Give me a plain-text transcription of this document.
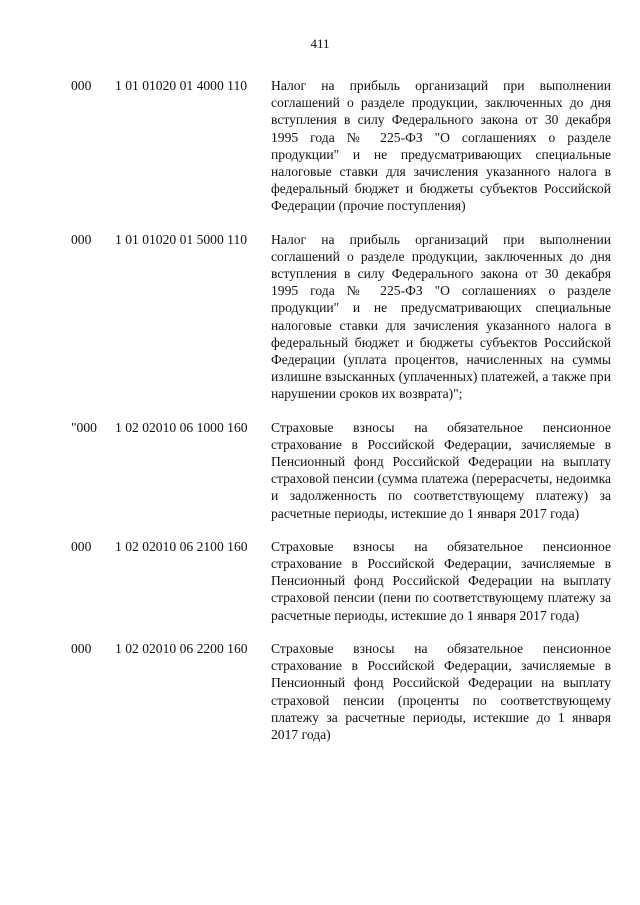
411
000	1 01 01020 01 4000 110	Налог на прибыль организаций при выполнении соглашений о разделе продукции, заключенных до дня вступления в силу Федерального закона от 30 декабря 1995 года № 225-ФЗ "О соглашениях о разделе продукции" и не предусматривающих специальные налоговые ставки для зачисления указанного налога в федеральный бюджет и бюджеты субъектов Российской Федерации (прочие поступления)
000	1 01 01020 01 5000 110	Налог на прибыль организаций при выполнении соглашений о разделе продукции, заключенных до дня вступления в силу Федерального закона от 30 декабря 1995 года № 225-ФЗ "О соглашениях о разделе продукции" и не предусматривающих специальные налоговые ставки для зачисления указанного налога в федеральный бюджет и бюджеты субъектов Российской Федерации (уплата процентов, начисленных на суммы излишне взысканных (уплаченных) платежей, а также при нарушении сроков их возврата)";
"000	1 02 02010 06 1000 160	Страховые взносы на обязательное пенсионное страхование в Российской Федерации, зачисляемые в Пенсионный фонд Российской Федерации на выплату страховой пенсии (сумма платежа (перерасчеты, недоимка и задолженность по соответствующему платежу) за расчетные периоды, истекшие до 1 января 2017 года)
000	1 02 02010 06 2100 160	Страховые взносы на обязательное пенсионное страхование в Российской Федерации, зачисляемые в Пенсионный фонд Российской Федерации на выплату страховой пенсии (пени по соответствующему платежу за расчетные периоды, истекшие до 1 января 2017 года)
000	1 02 02010 06 2200 160	Страховые взносы на обязательное пенсионное страхование в Российской Федерации, зачисляемые в Пенсионный фонд Российской Федерации на выплату страховой пенсии (проценты по соответствующему платежу за расчетные периоды, истекшие до 1 января 2017 года)
